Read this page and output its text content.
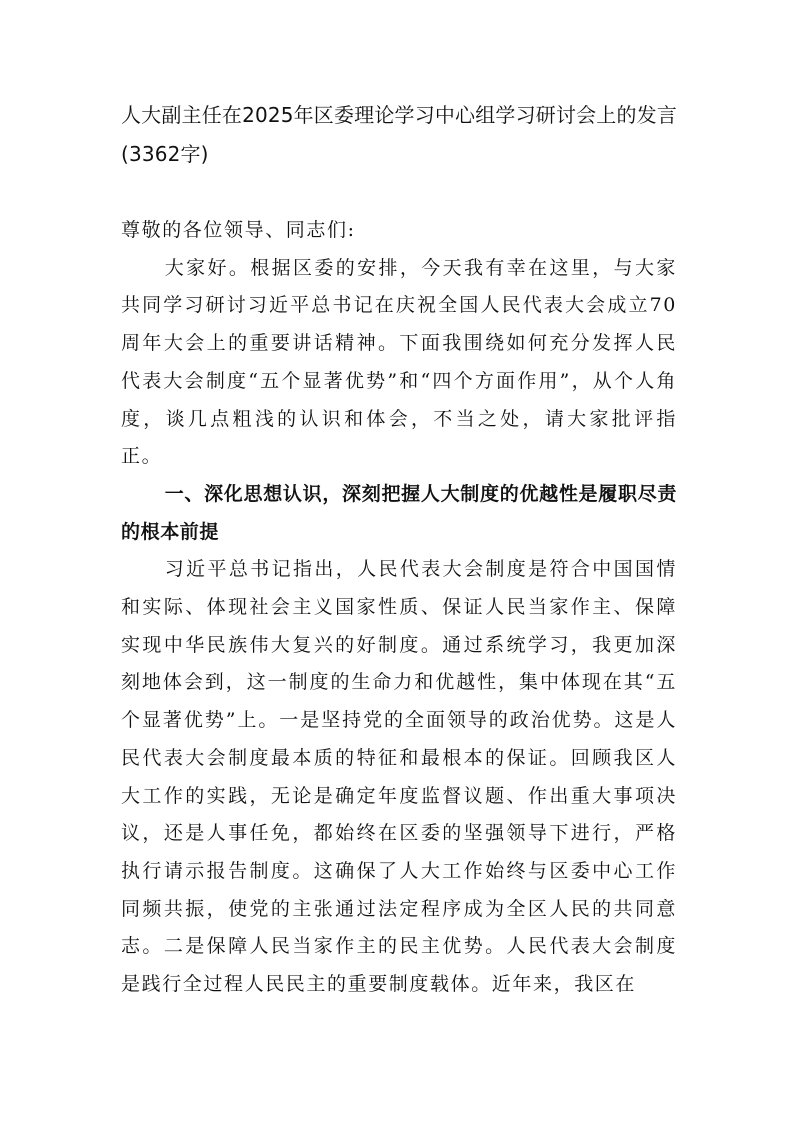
人大副主任在2025年区委理论学习中心组学习研讨会上的发言(3362字)

尊敬的各位领导、同志们:

大家好。根据区委的安排，今天我有幸在这里，与大家共同学习研讨习近平总书记在庆祝全国人民代表大会成立70周年大会上的重要讲话精神。下面我围绕如何充分发挥人民代表大会制度“五个显著优势”和“四个方面作用”，从个人角度，谈几点粗浅的认识和体会，不当之处，请大家批评指正。

一、深化思想认识，深刻把握人大制度的优越性是履职尽责的根本前提

习近平总书记指出，人民代表大会制度是符合中国国情和实际、体现社会主义国家性质、保证人民当家作主、保障实现中华民族伟大复兴的好制度。通过系统学习，我更加深刻地体会到，这一制度的生命力和优越性，集中体现在其“五个显著优势”上。一是坚持党的全面领导的政治优势。这是人民代表大会制度最本质的特征和最根本的保证。回顾我区人大工作的实践，无论是确定年度监督议题、作出重大事项决议，还是人事任免，都始终在区委的坚强领导下进行，严格执行请示报告制度。这确保了人大工作始终与区委中心工作同频共振，使党的主张通过法定程序成为全区人民的共同意志。二是保障人民当家作主的民主优势。人民代表大会制度是践行全过程人民民主的重要制度载体。近年来，我区在
